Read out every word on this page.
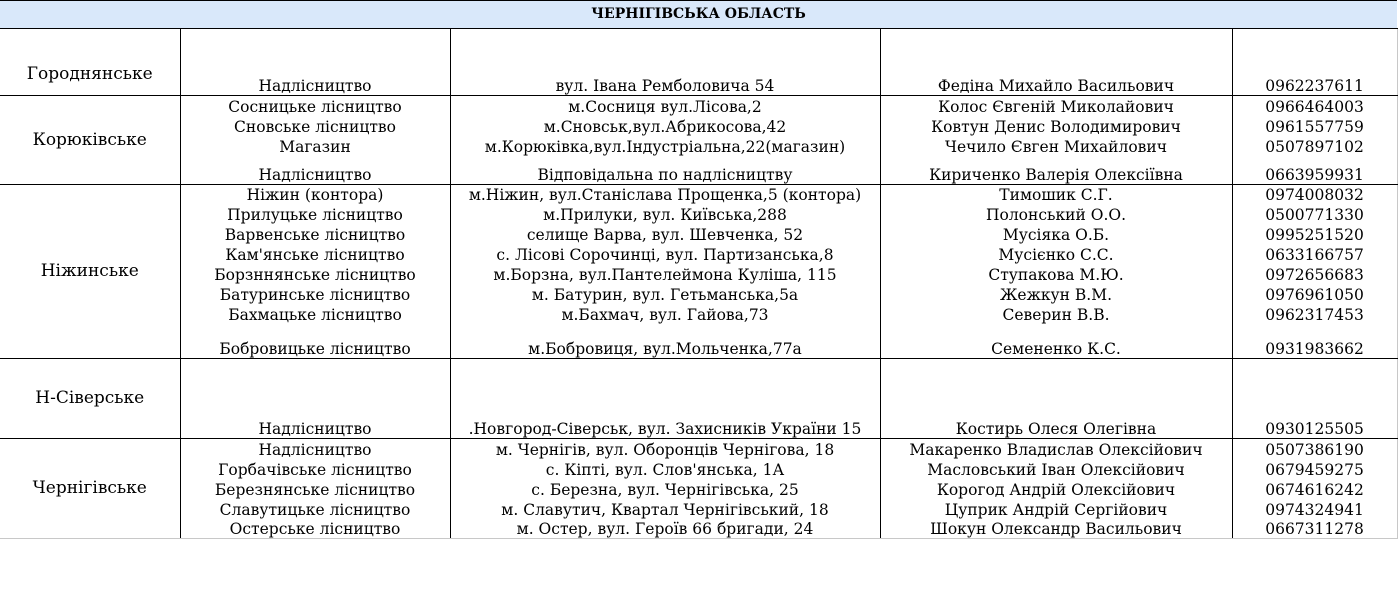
ЧЕРНІГІВСЬКА ОБЛАСТЬ				
Городнянське	Надлісництво	вул. Івана Ремболовича 54	Федіна Михайло Васильович	0962237611
Корюківське	Сосницьке лісництво	м.Сосниця вул.Лісова,2	Колос Євгеній Миколайович	0966464003
	Сновське лісництво	м.Сновськ,вул.Абрикосова,42	Ковтун Денис Володимирович	0961557759
	Магазин	м.Корюківка,вул.Індустріальна,22(магазин)	Чечило Євген Михайлович	0507897102
	Надлісництво	Відповідальна по надлісництву	Кириченко Валерія Олексіївна	0663959931
Ніжинське	Ніжин (контора)	м.Ніжин, вул.Станіслава Прощенка,5 (контора)	Тимошик С.Г.	0974008032
	Прилуцьке лісництво	м.Прилуки, вул. Київська,288	Полонський О.О.	0500771330
	Варвенське лісництво	селище Варва, вул. Шевченка, 52	Мусіяка О.Б.	0995251520
	Кам'янське лісництво	с. Лісові Сорочинці, вул. Партизанська,8	Мусієнко С.С.	0633166757
	Борзннянське лісництво	м.Борзна, вул.Пантелеймона Куліша, 115	Ступакова М.Ю.	0972656683
	Батуринське лісництво	м. Батурин, вул. Гетьманська,5а	Жежкун В.М.	0976961050
	Бахмацьке лісництво	м.Бахмач, вул. Гайова,73	Северин В.В.	0962317453
	Бобровицьке лісництво	м.Бобровиця, вул.Мольченка,77а	Семененко К.С.	0931983662
Н-Сіверське	Надлісництво	.Новгород-Сіверськ, вул. Захисників України 15	Костирь Олеся Олегівна	0930125505
Чернігівське	Надлісництво	м. Чернігів, вул. Оборонців Чернігова, 18	Макаренко Владислав Олексійович	0507386190
	Горбачівське лісництво	с. Кіпті, вул. Слов'янська, 1А	Масловський Іван Олексійович	0679459275
	Березнянське лісництво	с. Березна, вул. Чернігівська, 25	Корогод Андрій Олексійович	0674616242
	Славутицьке лісництво	м. Славутич, Квартал Чернігівський, 18	Цуприк Андрій Сергійович	0974324941
	Остерське лісництво	м. Остер, вул. Героїв 66 бригади, 24	Шокун Олександр Васильович	0667311278
